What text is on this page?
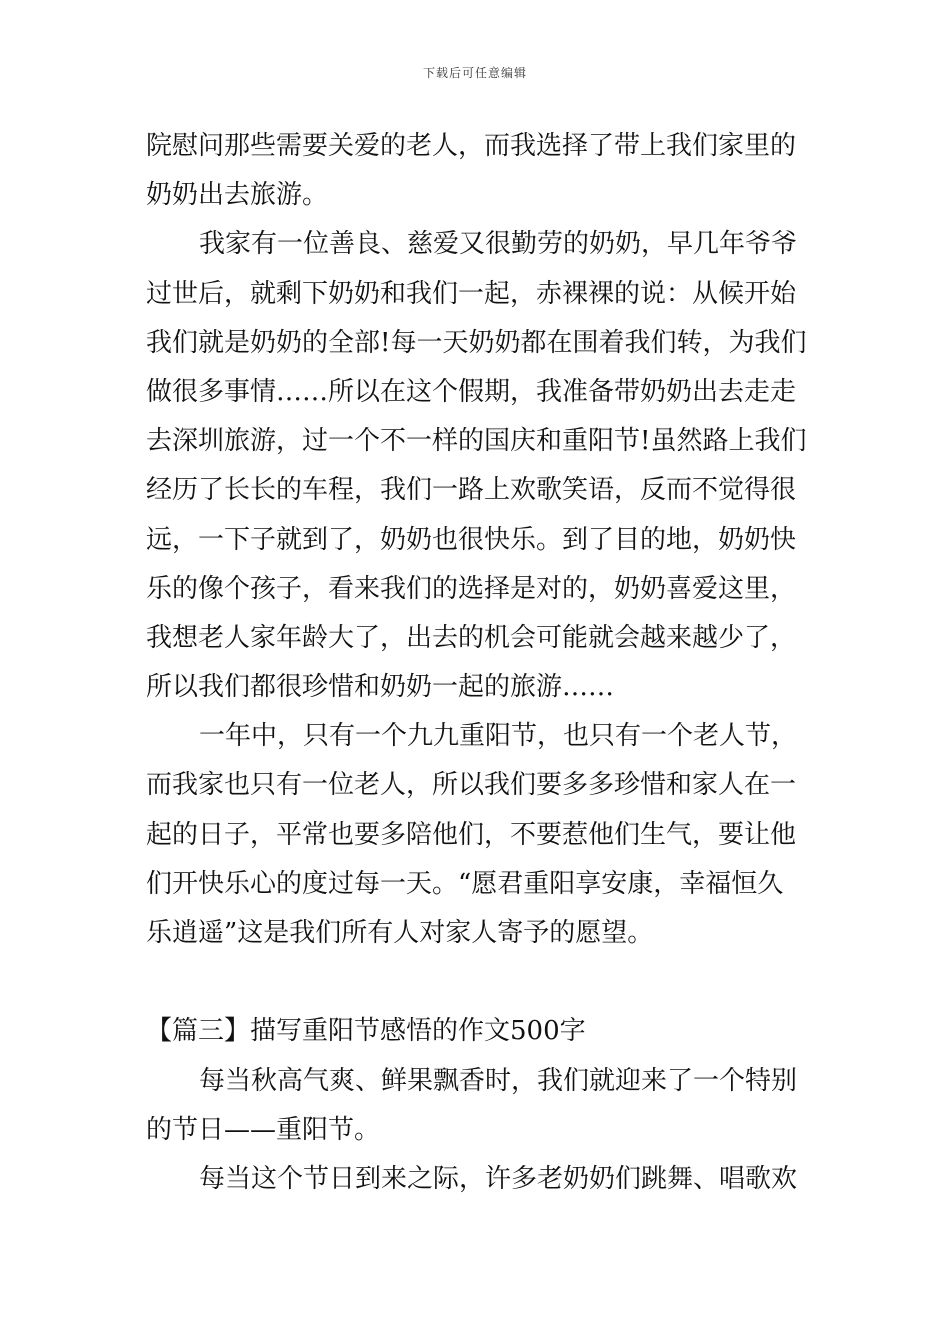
下载后可任意编辑
院慰问那些需要关爱的老人，而我选择了带上我们家里的
奶奶出去旅游。
我家有一位善良、慈爱又很勤劳的奶奶，早几年爷爷
过世后，就剩下奶奶和我们一起，赤裸裸的说：从候开始
我们就是奶奶的全部!每一天奶奶都在围着我们转，为我们
做很多事情……所以在这个假期，我准备带奶奶出去走走
去深圳旅游，过一个不一样的国庆和重阳节!虽然路上我们
经历了长长的车程，我们一路上欢歌笑语，反而不觉得很
远，一下子就到了，奶奶也很快乐。到了目的地，奶奶快
乐的像个孩子，看来我们的选择是对的，奶奶喜爱这里，
我想老人家年龄大了，出去的机会可能就会越来越少了，
所以我们都很珍惜和奶奶一起的旅游……
一年中，只有一个九九重阳节，也只有一个老人节，
而我家也只有一位老人，所以我们要多多珍惜和家人在一
起的日子，平常也要多陪他们，不要惹他们生气，要让他
们开快乐心的度过每一天。“愿君重阳享安康，幸福恒久
乐逍遥”这是我们所有人对家人寄予的愿望。
【篇三】描写重阳节感悟的作文500字
每当秋高气爽、鲜果飘香时，我们就迎来了一个特别
的节日——重阳节。
每当这个节日到来之际，许多老奶奶们跳舞、唱歌欢
